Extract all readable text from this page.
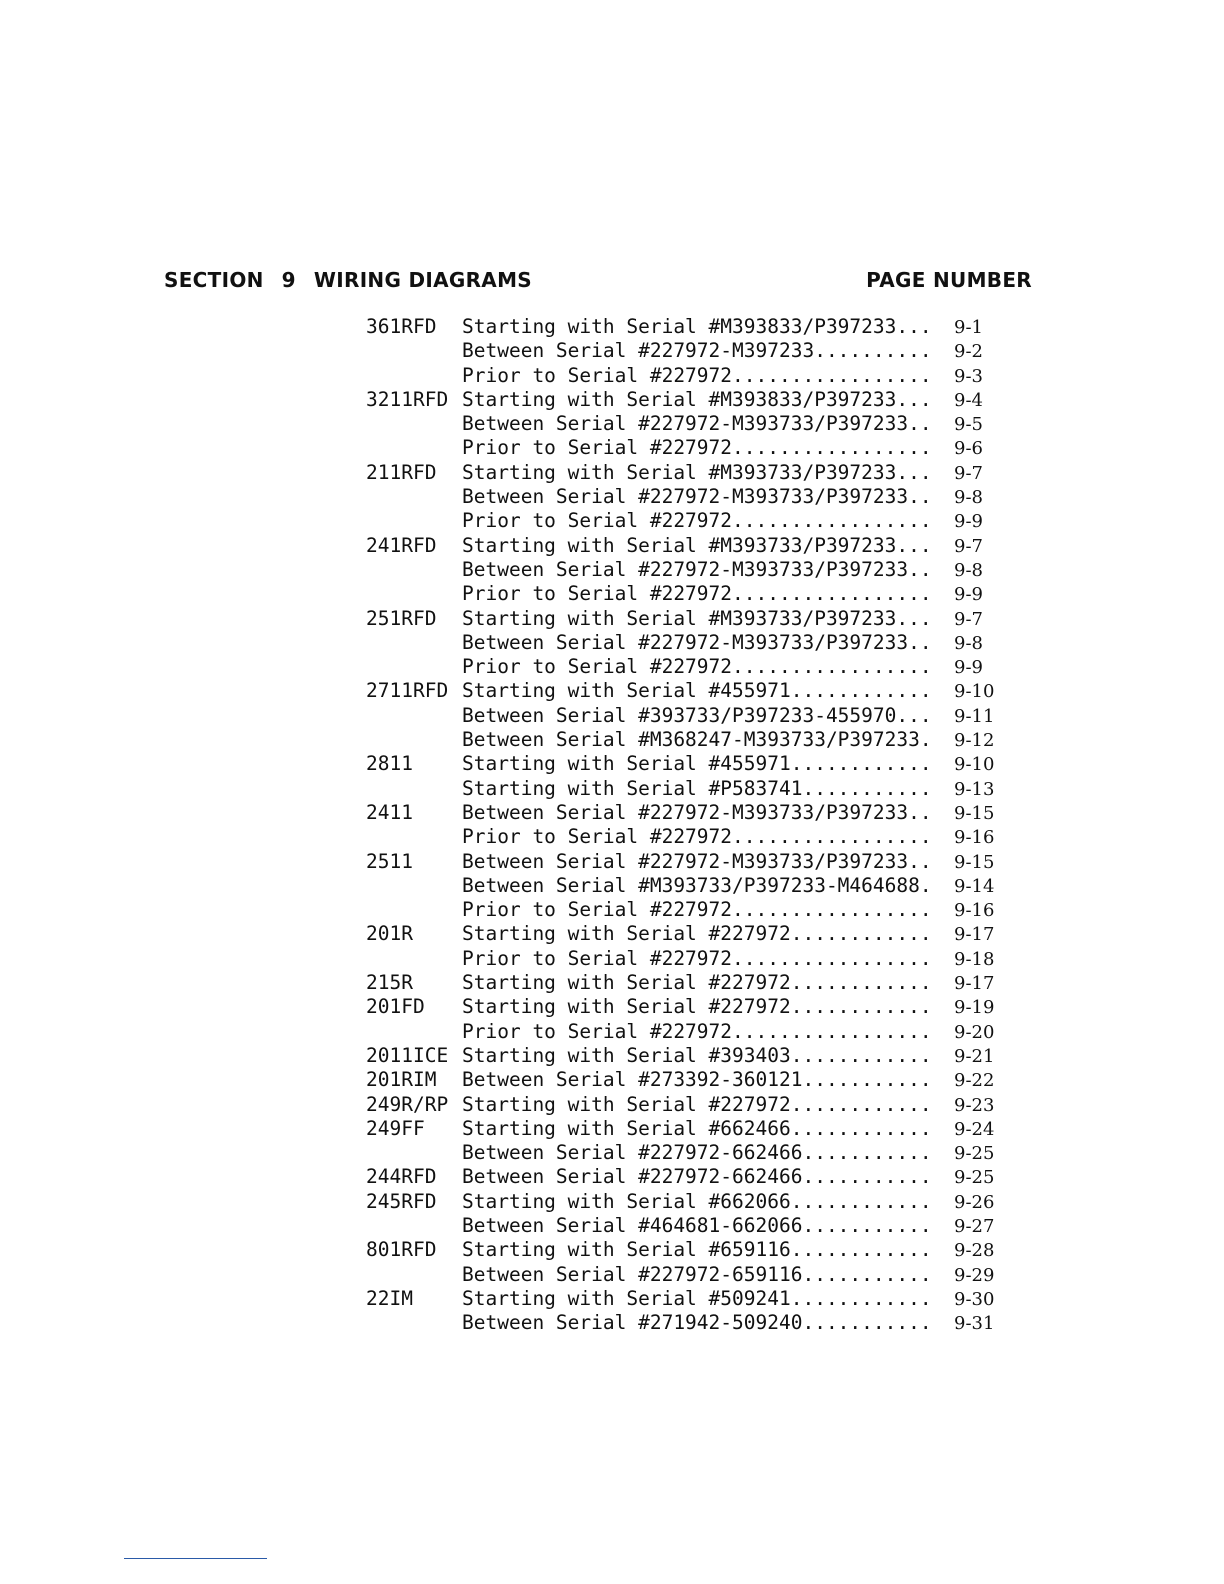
SECTION 9 WIRING DIAGRAMS	PAGE NUMBER
361RFD	Starting with Serial #M393833/P397233...	9-1
Between Serial #227972-M397233..........	9-2
Prior to Serial #227972.................	9-3
3211RFD Starting with Serial #M393833/P397233...	9-4
Between Serial #227972-M393733/P397233..	9-5
Prior to Serial #227972.................	9-6
211RFD	Starting with Serial #M393733/P397233...	9-7
Between Serial #227972-M393733/P397233..	9-8
Prior to Serial #227972.................	9-9
241RFD	Starting with Serial #M393733/P397233...	9-7
Between Serial #227972-M393733/P397233..	9-8
Prior to Serial #227972.................	9-9
251RFD	Starting with Serial #M393733/P397233...	9-7
Between Serial #227972-M393733/P397233..	9-8
Prior to Serial #227972.................	9-9
2711RFD Starting with Serial #455971............	9-10
Between Serial #393733/P397233-455970...	9-11
Between Serial #M368247-M393733/P397233.	9-12
2811	Starting with Serial #455971............	9-10
Starting with Serial #P583741...........	9-13
2411	Between Serial #227972-M393733/P397233..	9-15
Prior to Serial #227972.................	9-16
2511	Between Serial #227972-M393733/P397233..	9-15
Between Serial #M393733/P397233-M464688.	9-14
Prior to Serial #227972.................	9-16
201R	Starting with Serial #227972............	9-17
Prior to Serial #227972.................	9-18
215R	Starting with Serial #227972............	9-17
201FD	Starting with Serial #227972............	9-19
Prior to Serial #227972.................	9-20
2011ICE Starting with Serial #393403............	9-21
201RIM	Between Serial #273392-360121...........	9-22
249R/RP Starting with Serial #227972............	9-23
249FF	Starting with Serial #662466............	9-24
Between Serial #227972-662466...........	9-25
244RFD	Between Serial #227972-662466...........	9-25
245RFD	Starting with Serial #662066............	9-26
Between Serial #464681-662066...........	9-27
801RFD	Starting with Serial #659116............	9-28
Between Serial #227972-659116...........	9-29
22IM	Starting with Serial #509241............	9-30
Between Serial #271942-509240...........	9-31
